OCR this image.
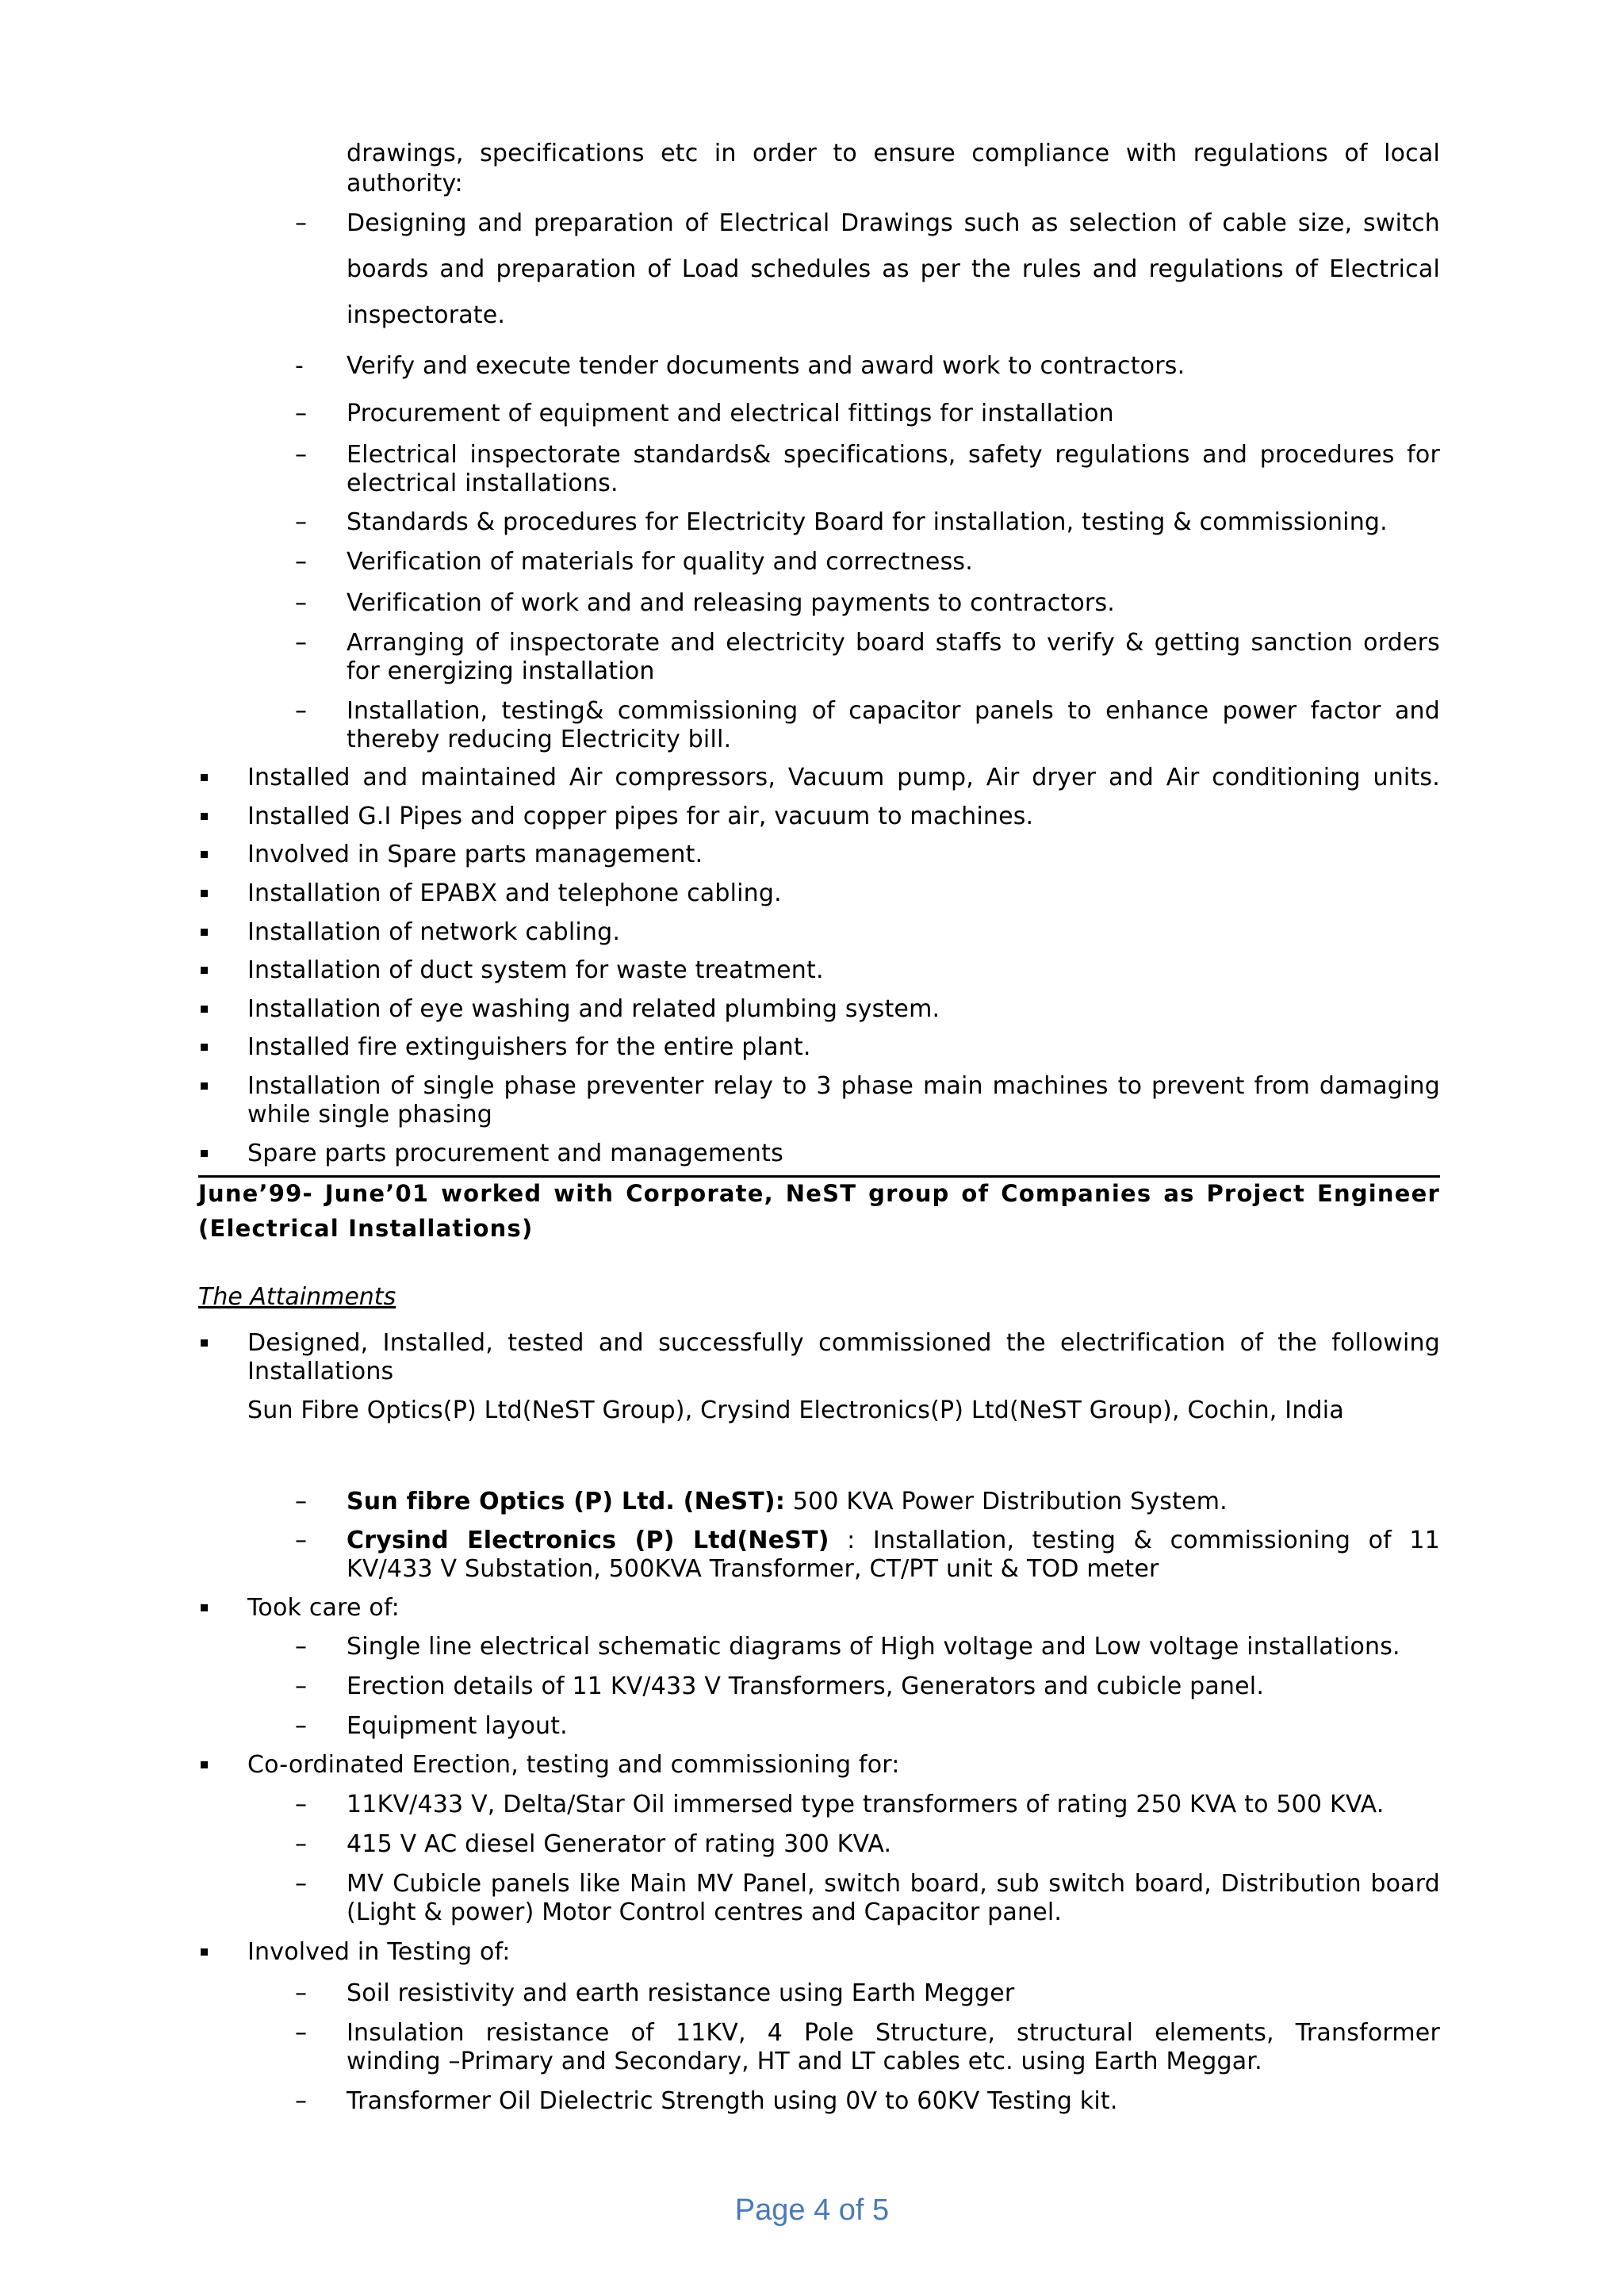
drawings, specifications etc in order to ensure compliance with regulations of local
authority:
– Designing and preparation of Electrical Drawings such as selection of cable size, switch
boards and preparation of Load schedules as per the rules and regulations of Electrical
inspectorate.
- Verify and execute tender documents and award work to contractors.
– Procurement of equipment and electrical fittings for installation
– Electrical inspectorate standards& specifications, safety regulations and procedures for
electrical installations.
– Standards & procedures for Electricity Board for installation, testing & commissioning.
– Verification of materials for quality and correctness.
– Verification of work and and releasing payments to contractors.
– Arranging of inspectorate and electricity board staffs to verify & getting sanction orders
for energizing installation
– Installation, testing& commissioning of capacitor panels to enhance power factor and
thereby reducing Electricity bill.
Installed and maintained Air compressors, Vacuum pump, Air dryer and Air conditioning units.
Installed G.I Pipes and copper pipes for air, vacuum to machines.
Involved in Spare parts management.
Installation of EPABX and telephone cabling.
Installation of network cabling.
Installation of duct system for waste treatment.
Installation of eye washing and related plumbing system.
Installed fire extinguishers for the entire plant.
Installation of single phase preventer relay to 3 phase main machines to prevent from damaging
while single phasing
Spare parts procurement and managements
June’99- June’01 worked with Corporate, NeST group of Companies as Project Engineer
(Electrical Installations)
The Attainments
Designed, Installed, tested and successfully commissioned the electrification of the following
Installations
Sun Fibre Optics(P) Ltd(NeST Group), Crysind Electronics(P) Ltd(NeST Group), Cochin, India
– Sun fibre Optics (P) Ltd. (NeST): 500 KVA Power Distribution System.
– Crysind Electronics (P) Ltd(NeST) : Installation, testing & commissioning of 11
KV/433 V Substation, 500KVA Transformer, CT/PT unit & TOD meter
Took care of:
– Single line electrical schematic diagrams of High voltage and Low voltage installations.
– Erection details of 11 KV/433 V Transformers, Generators and cubicle panel.
– Equipment layout.
Co-ordinated Erection, testing and commissioning for:
– 11KV/433 V, Delta/Star Oil immersed type transformers of rating 250 KVA to 500 KVA.
– 415 V AC diesel Generator of rating 300 KVA.
– MV Cubicle panels like Main MV Panel, switch board, sub switch board, Distribution board
(Light & power) Motor Control centres and Capacitor panel.
Involved in Testing of:
– Soil resistivity and earth resistance using Earth Megger
– Insulation resistance of 11KV, 4 Pole Structure, structural elements, Transformer
winding –Primary and Secondary, HT and LT cables etc. using Earth Meggar.
– Transformer Oil Dielectric Strength using 0V to 60KV Testing kit.
Page 4 of 5
